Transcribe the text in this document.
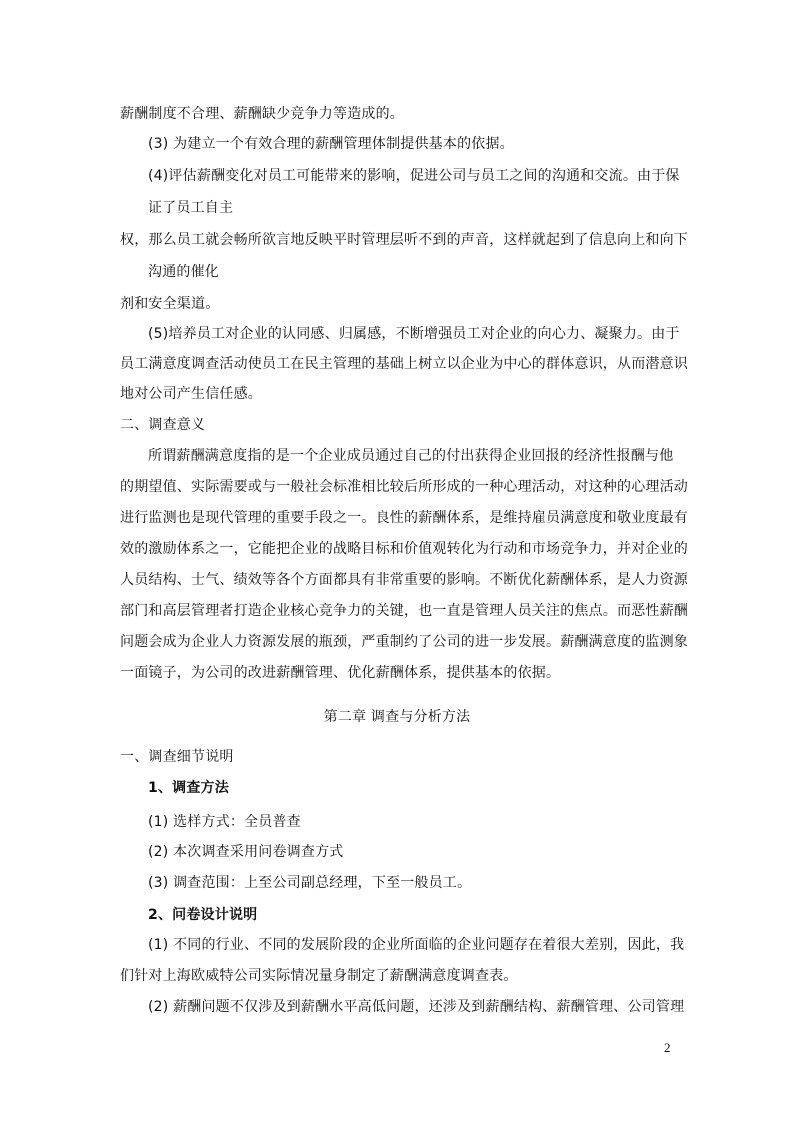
薪酬制度不合理、薪酬缺少竞争力等造成的。
(3) 为建立一个有效合理的薪酬管理体制提供基本的依据。
(4)评估薪酬变化对员工可能带来的影响，促进公司与员工之间的沟通和交流。由于保
证了员工自主
权，那么员工就会畅所欲言地反映平时管理层听不到的声音，这样就起到了信息向上和向下
沟通的催化
剂和安全渠道。
(5)培养员工对企业的认同感、归属感，不断增强员工对企业的向心力、凝聚力。由于
员工满意度调查活动使员工在民主管理的基础上树立以企业为中心的群体意识，从而潜意识
地对公司产生信任感。
二、调查意义
所谓薪酬满意度指的是一个企业成员通过自己的付出获得企业回报的经济性报酬与他
的期望值、实际需要或与一般社会标准相比较后所形成的一种心理活动，对这种的心理活动
进行监测也是现代管理的重要手段之一。良性的薪酬体系，是维持雇员满意度和敬业度最有
效的激励体系之一，它能把企业的战略目标和价值观转化为行动和市场竞争力，并对企业的
人员结构、士气、绩效等各个方面都具有非常重要的影响。不断优化薪酬体系，是人力资源
部门和高层管理者打造企业核心竞争力的关键，也一直是管理人员关注的焦点。而恶性薪酬
问题会成为企业人力资源发展的瓶颈，严重制约了公司的进一步发展。薪酬满意度的监测象
一面镜子，为公司的改进薪酬管理、优化薪酬体系，提供基本的依据。
第二章 调查与分析方法
一、调查细节说明
1、调查方法
(1) 选样方式：全员普查
(2) 本次调查采用问卷调查方式
(3) 调查范围：上至公司副总经理，下至一般员工。
2、问卷设计说明
(1) 不同的行业、不同的发展阶段的企业所面临的企业问题存在着很大差别，因此，我
们针对上海欧威特公司实际情况量身制定了薪酬满意度调查表。
(2) 薪酬问题不仅涉及到薪酬水平高低问题，还涉及到薪酬结构、薪酬管理、公司管理
2
